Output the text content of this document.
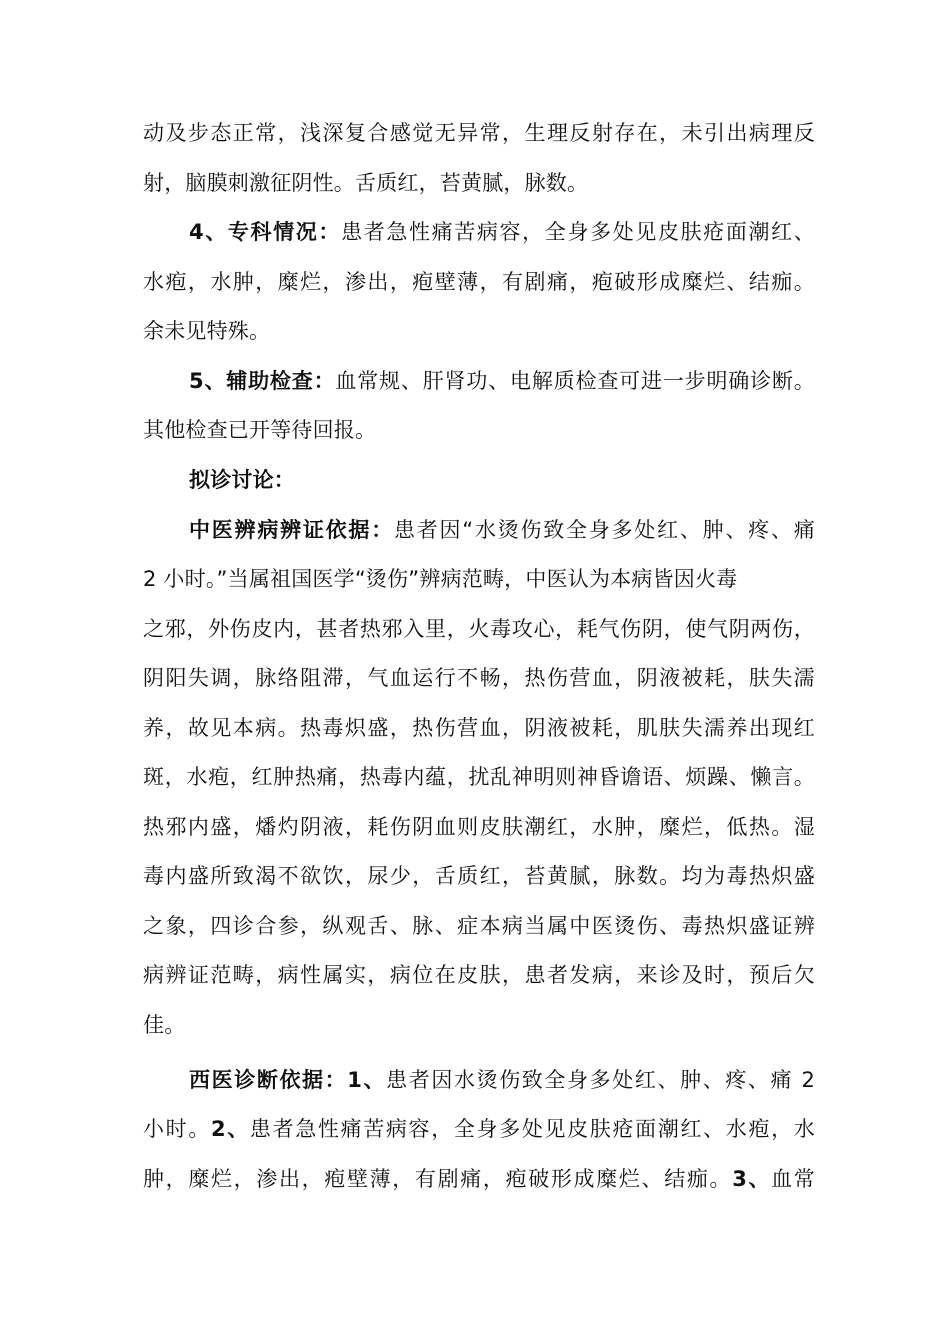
动及步态正常，浅深复合感觉无异常，生理反射存在，未引出病理反
射，脑膜刺激征阴性。舌质红，苔黄腻，脉数。
4、专科情况：患者急性痛苦病容，全身多处见皮肤疮面潮红、
水疱，水肿，糜烂，渗出，疱壁薄，有剧痛，疱破形成糜烂、结痂。
余未见特殊。
5、辅助检查：血常规、肝肾功、电解质检查可进一步明确诊断。
其他检查已开等待回报。
拟诊讨论：
中医辨病辨证依据：患者因“水烫伤致全身多处红、肿、疼、痛
2 小时。”当属祖国医学“烫伤”辨病范畴，中医认为本病皆因火毒
之邪，外伤皮内，甚者热邪入里，火毒攻心，耗气伤阴，使气阴两伤，
阴阳失调，脉络阻滞，气血运行不畅，热伤营血，阴液被耗，肤失濡
养，故见本病。热毒炽盛，热伤营血，阴液被耗，肌肤失濡养出现红
斑，水疱，红肿热痛，热毒内蕴，扰乱神明则神昏谵语、烦躁、懒言。
热邪内盛，燔灼阴液，耗伤阴血则皮肤潮红，水肿，糜烂，低热。湿
毒内盛所致渴不欲饮，尿少，舌质红，苔黄腻，脉数。均为毒热炽盛
之象，四诊合参，纵观舌、脉、症本病当属中医烫伤、毒热炽盛证辨
病辨证范畴，病性属实，病位在皮肤，患者发病，来诊及时，预后欠
佳。
西医诊断依据：1、患者因水烫伤致全身多处红、肿、疼、痛 2
小时。2、患者急性痛苦病容，全身多处见皮肤疮面潮红、水疱，水
肿，糜烂，渗出，疱壁薄，有剧痛，疱破形成糜烂、结痂。3、血常
